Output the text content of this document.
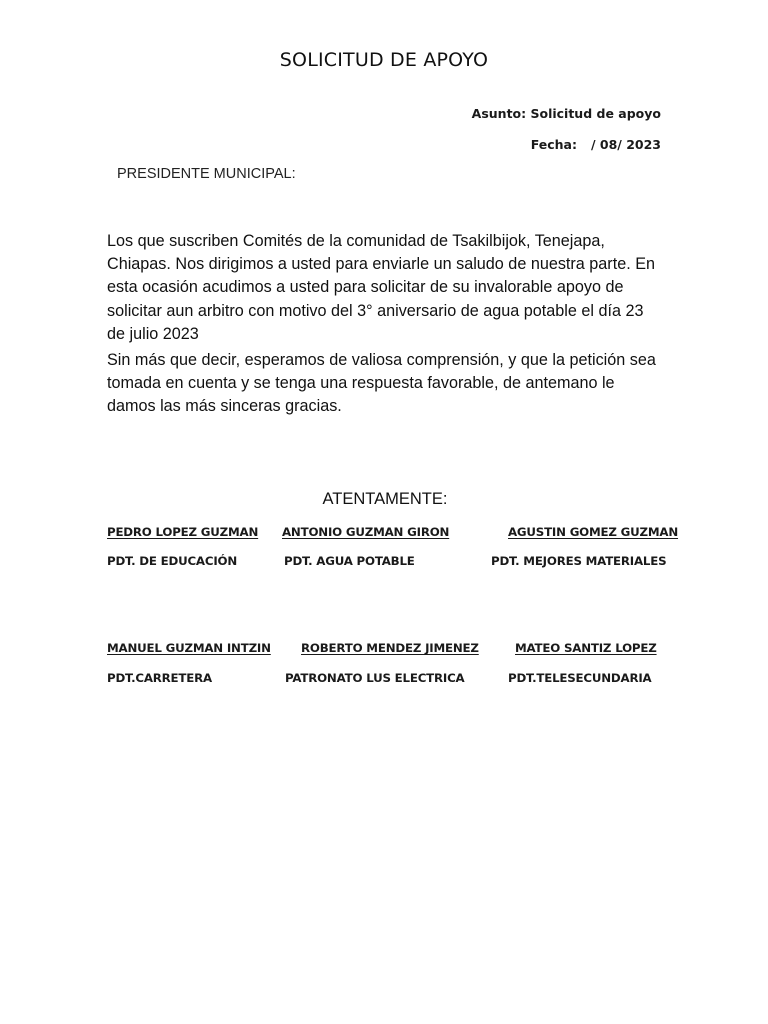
SOLICITUD DE APOYO
Asunto: Solicitud de apoyo
Fecha: / 08/ 2023
PRESIDENTE MUNICIPAL:
Los que suscriben Comités de la comunidad de Tsakilbijok, Tenejapa, Chiapas. Nos dirigimos a usted para enviarle un saludo de nuestra parte. En esta ocasión acudimos a usted para solicitar de su invalorable apoyo de solicitar aun arbitro con motivo del 3° aniversario de agua potable el día 23 de julio 2023
Sin más que decir, esperamos de valiosa comprensión, y que la petición sea tomada en cuenta y se tenga una respuesta favorable, de antemano le damos las más sinceras gracias.
ATENTAMENTE:
PEDRO LOPEZ GUZMAN
PDT. DE EDUCACIÓN
ANTONIO GUZMAN GIRON
PDT. AGUA POTABLE
AGUSTIN GOMEZ GUZMAN
PDT. MEJORES MATERIALES
MANUEL GUZMAN INTZIN
PDT.CARRETERA
ROBERTO MENDEZ JIMENEZ
PATRONATO LUS ELECTRICA
MATEO SANTIZ LOPEZ
PDT.TELESECUNDARIA
